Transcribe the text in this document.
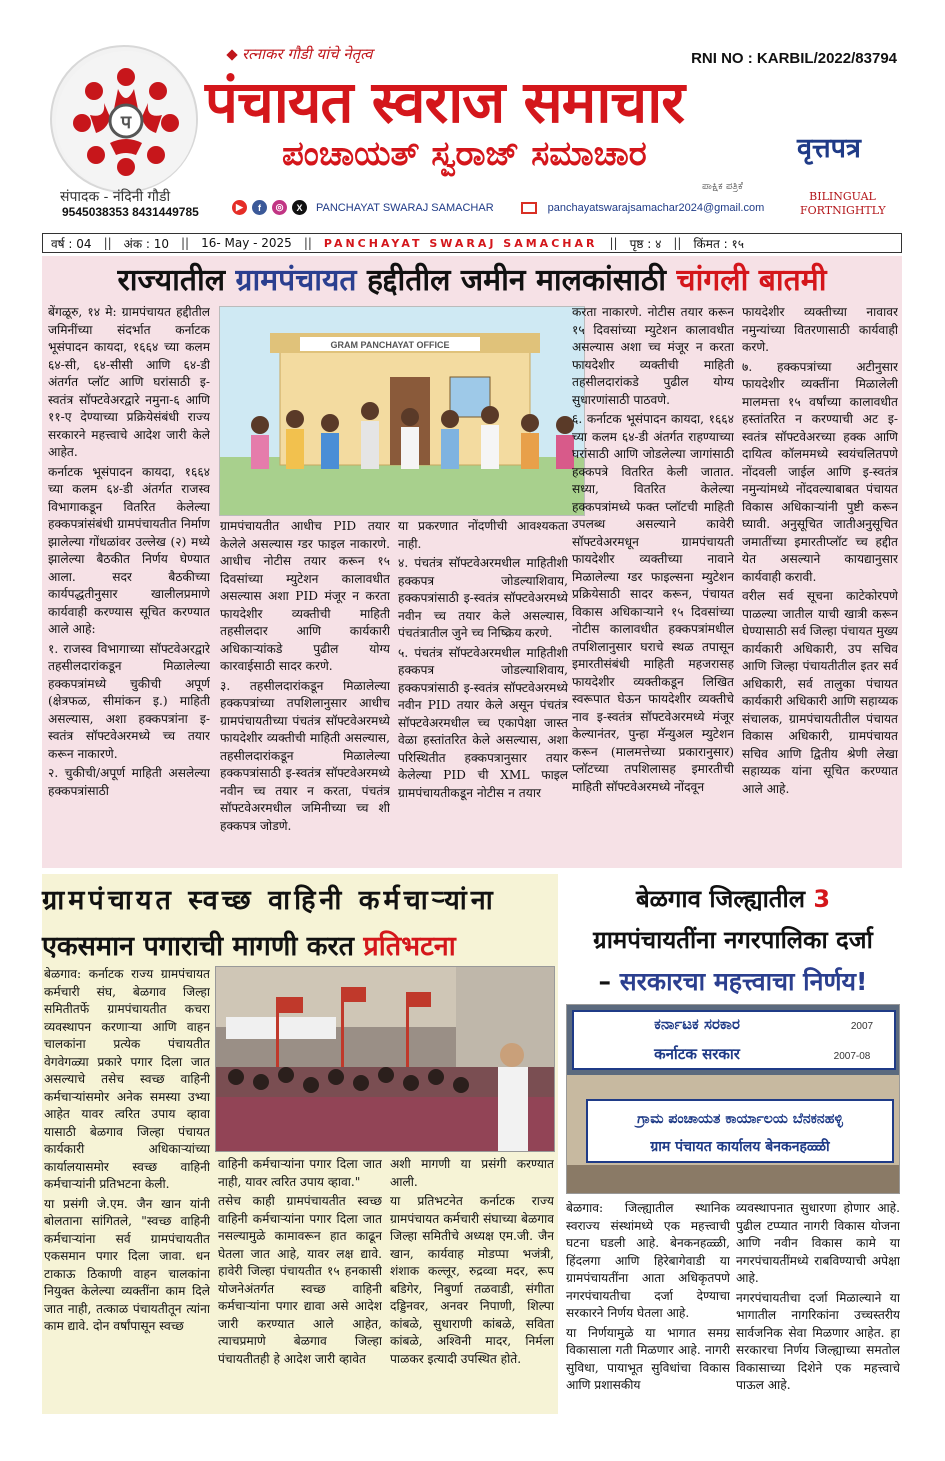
प
रत्नाकर गौडी यांचे नेतृत्व	RNI NO : KARBIL/2022/83794
पंचायत स्वराज समाचार
ಪಂಚಾಯತ್ ಸ್ವರಾಜ್ ಸಮಾಚಾರ	वृत्तपत्र
ಪಾಕ್ಷಿಕ ಪತ್ರಿಕೆ
BILINGUAL
FORTNIGHTLY
संपादक - नंदिनी गौडी
9545038353 8431449785	▶	f	◎	X	PANCHAYAT SWARAJ SAMACHAR	panchayatswarajsamachar2024@gmail.com
वर्ष : 04	||	अंक : 10	||	16- May - 2025	||	PANCHAYAT SWARAJ SAMACHAR	||	पृष्ठ : ४	||	किंमत : १५
राज्यातील ग्रामपंचायत हद्दीतील जमीन मालकांसाठी चांगली बातमी

बेंगळूरु, १४ मे: ग्रामपंचायत हद्दीतील जमिनींच्या संदर्भात कर्नाटक भूसंपादन कायदा, १६६४ च्या कलम ६४-सी, ६४-सीसी आणि ६४-डी अंतर्गत प्लॉट आणि घरांसाठी इ-स्वतंत्र सॉफ्टवेअरद्वारे नमुना-६ आणि ११-ए देण्याच्या प्रक्रियेसंबंधी राज्य सरकारने महत्त्वाचे आदेश जारी केले आहेत.

कर्नाटक भूसंपादन कायदा, १६६४ च्या कलम ६४-डी अंतर्गत राजस्व विभागाकडून वितरित केलेल्या हक्कपत्रांसंबंधी ग्रामपंचायतीत निर्माण झालेल्या गोंधळांवर उल्लेख (२) मध्ये झालेल्या बैठकीत निर्णय घेण्यात आला. सदर बैठकीच्या कार्यपद्धतीनुसार खालीलप्रमाणे कार्यवाही करण्यास सूचित करण्यात आले आहे:

१. राजस्व विभागाच्या सॉफ्टवेअरद्वारे तहसीलदारांकडून मिळालेल्या हक्कपत्रांमध्ये चुकीची अपूर्ण (क्षेत्रफळ, सीमांकन इ.) माहिती असल्यास, अशा हक्कपत्रांना इ-स्वतंत्र सॉफ्टवेअरमध्ये च्च तयार करून नाकारणे.

२. चुकीची/अपूर्ण माहिती असलेल्या हक्कपत्रांसाठी

GRAM PANCHAYAT OFFICE

ग्रामपंचायतीत आधीच PID तयार केलेले असल्यास ग्डर फाइल नाकारणे. आधीच नोटीस तयार करून १५ दिवसांच्या म्युटेशन कालावधीत असल्यास अशा PID मंजूर न करता फायदेशीर व्यक्तीची माहिती तहसीलदार आणि कार्यकारी अधिकाऱ्यांकडे पुढील योग्य कारवाईसाठी सादर करणे.

३. तहसीलदारांकडून मिळालेल्या हक्कपत्रांच्या तपशिलानुसार आधीच ग्रामपंचायतीच्या पंचतंत्र सॉफ्टवेअरमध्ये फायदेशीर व्यक्तीची माहिती असल्यास, तहसीलदारांकडून मिळालेल्या हक्कपत्रांसाठी इ-स्वतंत्र सॉफ्टवेअरमध्ये नवीन च्च तयार न करता, पंचतंत्र सॉफ्टवेअरमधील जमिनीच्या च्च शी हक्कपत्र जोडणे.

या प्रकरणात नोंदणीची आवश्यकता नाही.

४. पंचतंत्र सॉफ्टवेअरमधील माहितीशी हक्कपत्र जोडल्याशिवाय, हक्कपत्रांसाठी इ-स्वतंत्र सॉफ्टवेअरमध्ये नवीन च्च तयार केले असल्यास, पंचतंत्रातील जुने च्च निष्क्रिय करणे.

५. पंचतंत्र सॉफ्टवेअरमधील माहितीशी हक्कपत्र जोडल्याशिवाय, हक्कपत्रांसाठी इ-स्वतंत्र सॉफ्टवेअरमध्ये नवीन PID तयार केले असून पंचतंत्र सॉफ्टवेअरमधील च्च एकापेक्षा जास्त वेळा हस्तांतरित केले असल्यास, अशा परिस्थितीत हक्कपत्रानुसार तयार केलेल्या PID ची XML फाइल ग्रामपंचायतीकडून नोटीस न तयार

करता नाकारणे. नोटीस तयार करून १५ दिवसांच्या म्युटेशन कालावधीत असल्यास अशा च्च मंजूर न करता फायदेशीर व्यक्तीची माहिती तहसीलदारांकडे पुढील योग्य सुधारणांसाठी पाठवणे.

६. कर्नाटक भूसंपादन कायदा, १६६४ च्या कलम ६४-डी अंतर्गत राहण्याच्या घरांसाठी आणि जोडलेल्या जागांसाठी हक्कपत्रे वितरित केली जातात. सध्या, वितरित केलेल्या हक्कपत्रांमध्ये फक्त प्लॉटची माहिती उपलब्ध असल्याने कावेरी सॉफ्टवेअरमधून ग्रामपंचायती फायदेशीर व्यक्तीच्या नावाने मिळालेल्या ग्डर फाइल्सना म्युटेशन प्रक्रियेसाठी सादर करून, पंचायत विकास अधिकाऱ्याने १५ दिवसांच्या नोटीस कालावधीत हक्कपत्रांमधील तपशिलानुसार घराचे स्थळ तपासून इमारतीसंबंधी माहिती महजरासह फायदेशीर व्यक्तीकडून लिखित स्वरूपात घेऊन फायदेशीर व्यक्तीचे नाव इ-स्वतंत्र सॉफ्टवेअरमध्ये मंजूर केल्यानंतर, पुन्हा मॅन्युअल म्युटेशन करून (मालमत्तेच्या प्रकारानुसार) प्लॉटच्या तपशिलासह इमारतीची माहिती सॉफ्टवेअरमध्ये नोंदवून

फायदेशीर व्यक्तीच्या नावावर नमुन्यांच्या वितरणासाठी कार्यवाही करणे.

७. हक्कपत्रांच्या अटीनुसार फायदेशीर व्यक्तींना मिळालेली मालमत्ता १५ वर्षांच्या कालावधीत हस्तांतरित न करण्याची अट इ-स्वतंत्र सॉफ्टवेअरच्या हक्क आणि दायित्व कॉलममध्ये स्वयंचलितपणे नोंदवली जाईल आणि इ-स्वतंत्र नमुन्यांमध्ये नोंदवल्याबाबत पंचायत विकास अधिकाऱ्यांनी पुष्टी करून घ्यावी. अनुसूचित जातीअनुसूचित जमातींच्या इमारतीप्लॉट च्च हद्दीत येत असल्याने कायद्यानुसार कार्यवाही करावी.

वरील सर्व सूचना काटेकोरपणे पाळल्या जातील याची खात्री करून घेण्यासाठी सर्व जिल्हा पंचायत मुख्य कार्यकारी अधिकारी, उप सचिव आणि जिल्हा पंचायतीतील इतर सर्व अधिकारी, सर्व तालुका पंचायत कार्यकारी अधिकारी आणि सहाय्यक संचालक, ग्रामपंचायतीतील पंचायत विकास अधिकारी, ग्रामपंचायत सचिव आणि द्वितीय श्रेणी लेखा सहाय्यक यांना सूचित करण्यात आले आहे.

ग्रामपंचायत स्वच्छ वाहिनी कर्मचाऱ्यांना
एकसमान पगाराची मागणी करत प्रतिभटना

बेळगाव: कर्नाटक राज्य ग्रामपंचायत कर्मचारी संघ, बेळगाव जिल्हा समितीतर्फे ग्रामपंचायतीत कचरा व्यवस्थापन करणाऱ्या आणि वाहन चालकांना प्रत्येक पंचायतीत वेगवेगळ्या प्रकारे पगार दिला जात असल्याचे तसेच स्वच्छ वाहिनी कर्मचाऱ्यांसमोर अनेक समस्या उभ्या आहेत यावर त्वरित उपाय व्हावा यासाठी बेळगाव जिल्हा पंचायत कार्यकारी अधिकाऱ्यांच्या कार्यालयासमोर स्वच्छ वाहिनी कर्मचाऱ्यांनी प्रतिभटना केली.

या प्रसंगी जे.एम. जैन खान यांनी बोलताना सांगितले, "स्वच्छ वाहिनी कर्मचाऱ्यांना सर्व ग्रामपंचायतीत एकसमान पगार दिला जावा. धन टाकाऊ ठिकाणी वाहन चालकांना नियुक्त केलेल्या व्यक्तींना काम दिले जात नाही, तत्काळ पंचायतीतून त्यांना काम द्यावे. दोन वर्षांपासून स्वच्छ

वाहिनी कर्मचाऱ्यांना पगार दिला जात नाही, यावर त्वरित उपाय व्हावा."

तसेच काही ग्रामपंचायतीत स्वच्छ वाहिनी कर्मचाऱ्यांना पगार दिला जात नसल्यामुळे कामावरून हात काढून घेतला जात आहे, यावर लक्ष द्यावे. हावेरी जिल्हा पंचायतीत १५ हनकासी योजनेअंतर्गत स्वच्छ वाहिनी कर्मचाऱ्यांना पगार द्यावा असे आदेश जारी करण्यात आले आहेत, त्याचप्रमाणे बेळगाव जिल्हा पंचायतीतही हे आदेश जारी व्हावेत

अशी मागणी या प्रसंगी करण्यात आली.

या प्रतिभटनेत कर्नाटक राज्य ग्रामपंचायत कर्मचारी संघाच्या बेळगाव जिल्हा समितीचे अध्यक्ष एम.जी. जैन खान, कार्यवाह मोडप्पा भजंत्री, शंशाक कल्लूर, रुद्रव्वा मदर, रूप बडिगेर, निबुर्णा तळवाडी, संगीता दड्डिनवर, अनवर निपाणी, शिल्पा कांबळे, सुधाराणी कांबळे, सविता कांबळे, अश्विनी मादर, निर्मला पाळकर इत्यादी उपस्थित होते.

बेळगाव जिल्ह्यातील 3
ग्रामपंचायतींना नगरपालिका दर्जा
– सरकारचा महत्त्वाचा निर्णय!
ಕರ್ನಾಟಕ ಸರಕಾರ	2007
कर्नाटक सरकार	2007-08
ಗ್ರಾಮ ಪಂಚಾಯತ ಕಾರ್ಯಾಲಯ ಬೆನಕನಹಳ್ಳಿ
ग्राम पंचायत कार्यालय बेनकनहळ्ळी

बेळगाव: जिल्ह्यातील स्थानिक स्वराज्य संस्थांमध्ये एक महत्त्वाची घटना घडली आहे. बेनकनहळ्ळी, हिंदलगा आणि हिरेबागेवाडी या ग्रामपंचायतींना आता अधिकृतपणे नगरपंचायतीचा दर्जा देण्याचा सरकारने निर्णय घेतला आहे.

या निर्णयामुळे या भागात समग्र विकासाला गती मिळणार आहे. नागरी सुविधा, पायाभूत सुविधांचा विकास आणि प्रशासकीय

व्यवस्थापनात सुधारणा होणार आहे. पुढील टप्प्यात नागरी विकास योजना आणि नवीन विकास कामे या नगरपंचायतींमध्ये राबविण्याची अपेक्षा आहे.

नगरपंचायतीचा दर्जा मिळाल्याने या भागातील नागरिकांना उच्चस्तरीय सार्वजनिक सेवा मिळणार आहेत. हा सरकारचा निर्णय जिल्ह्याच्या समतोल विकासाच्या दिशेने एक महत्त्वाचे पाऊल आहे.
